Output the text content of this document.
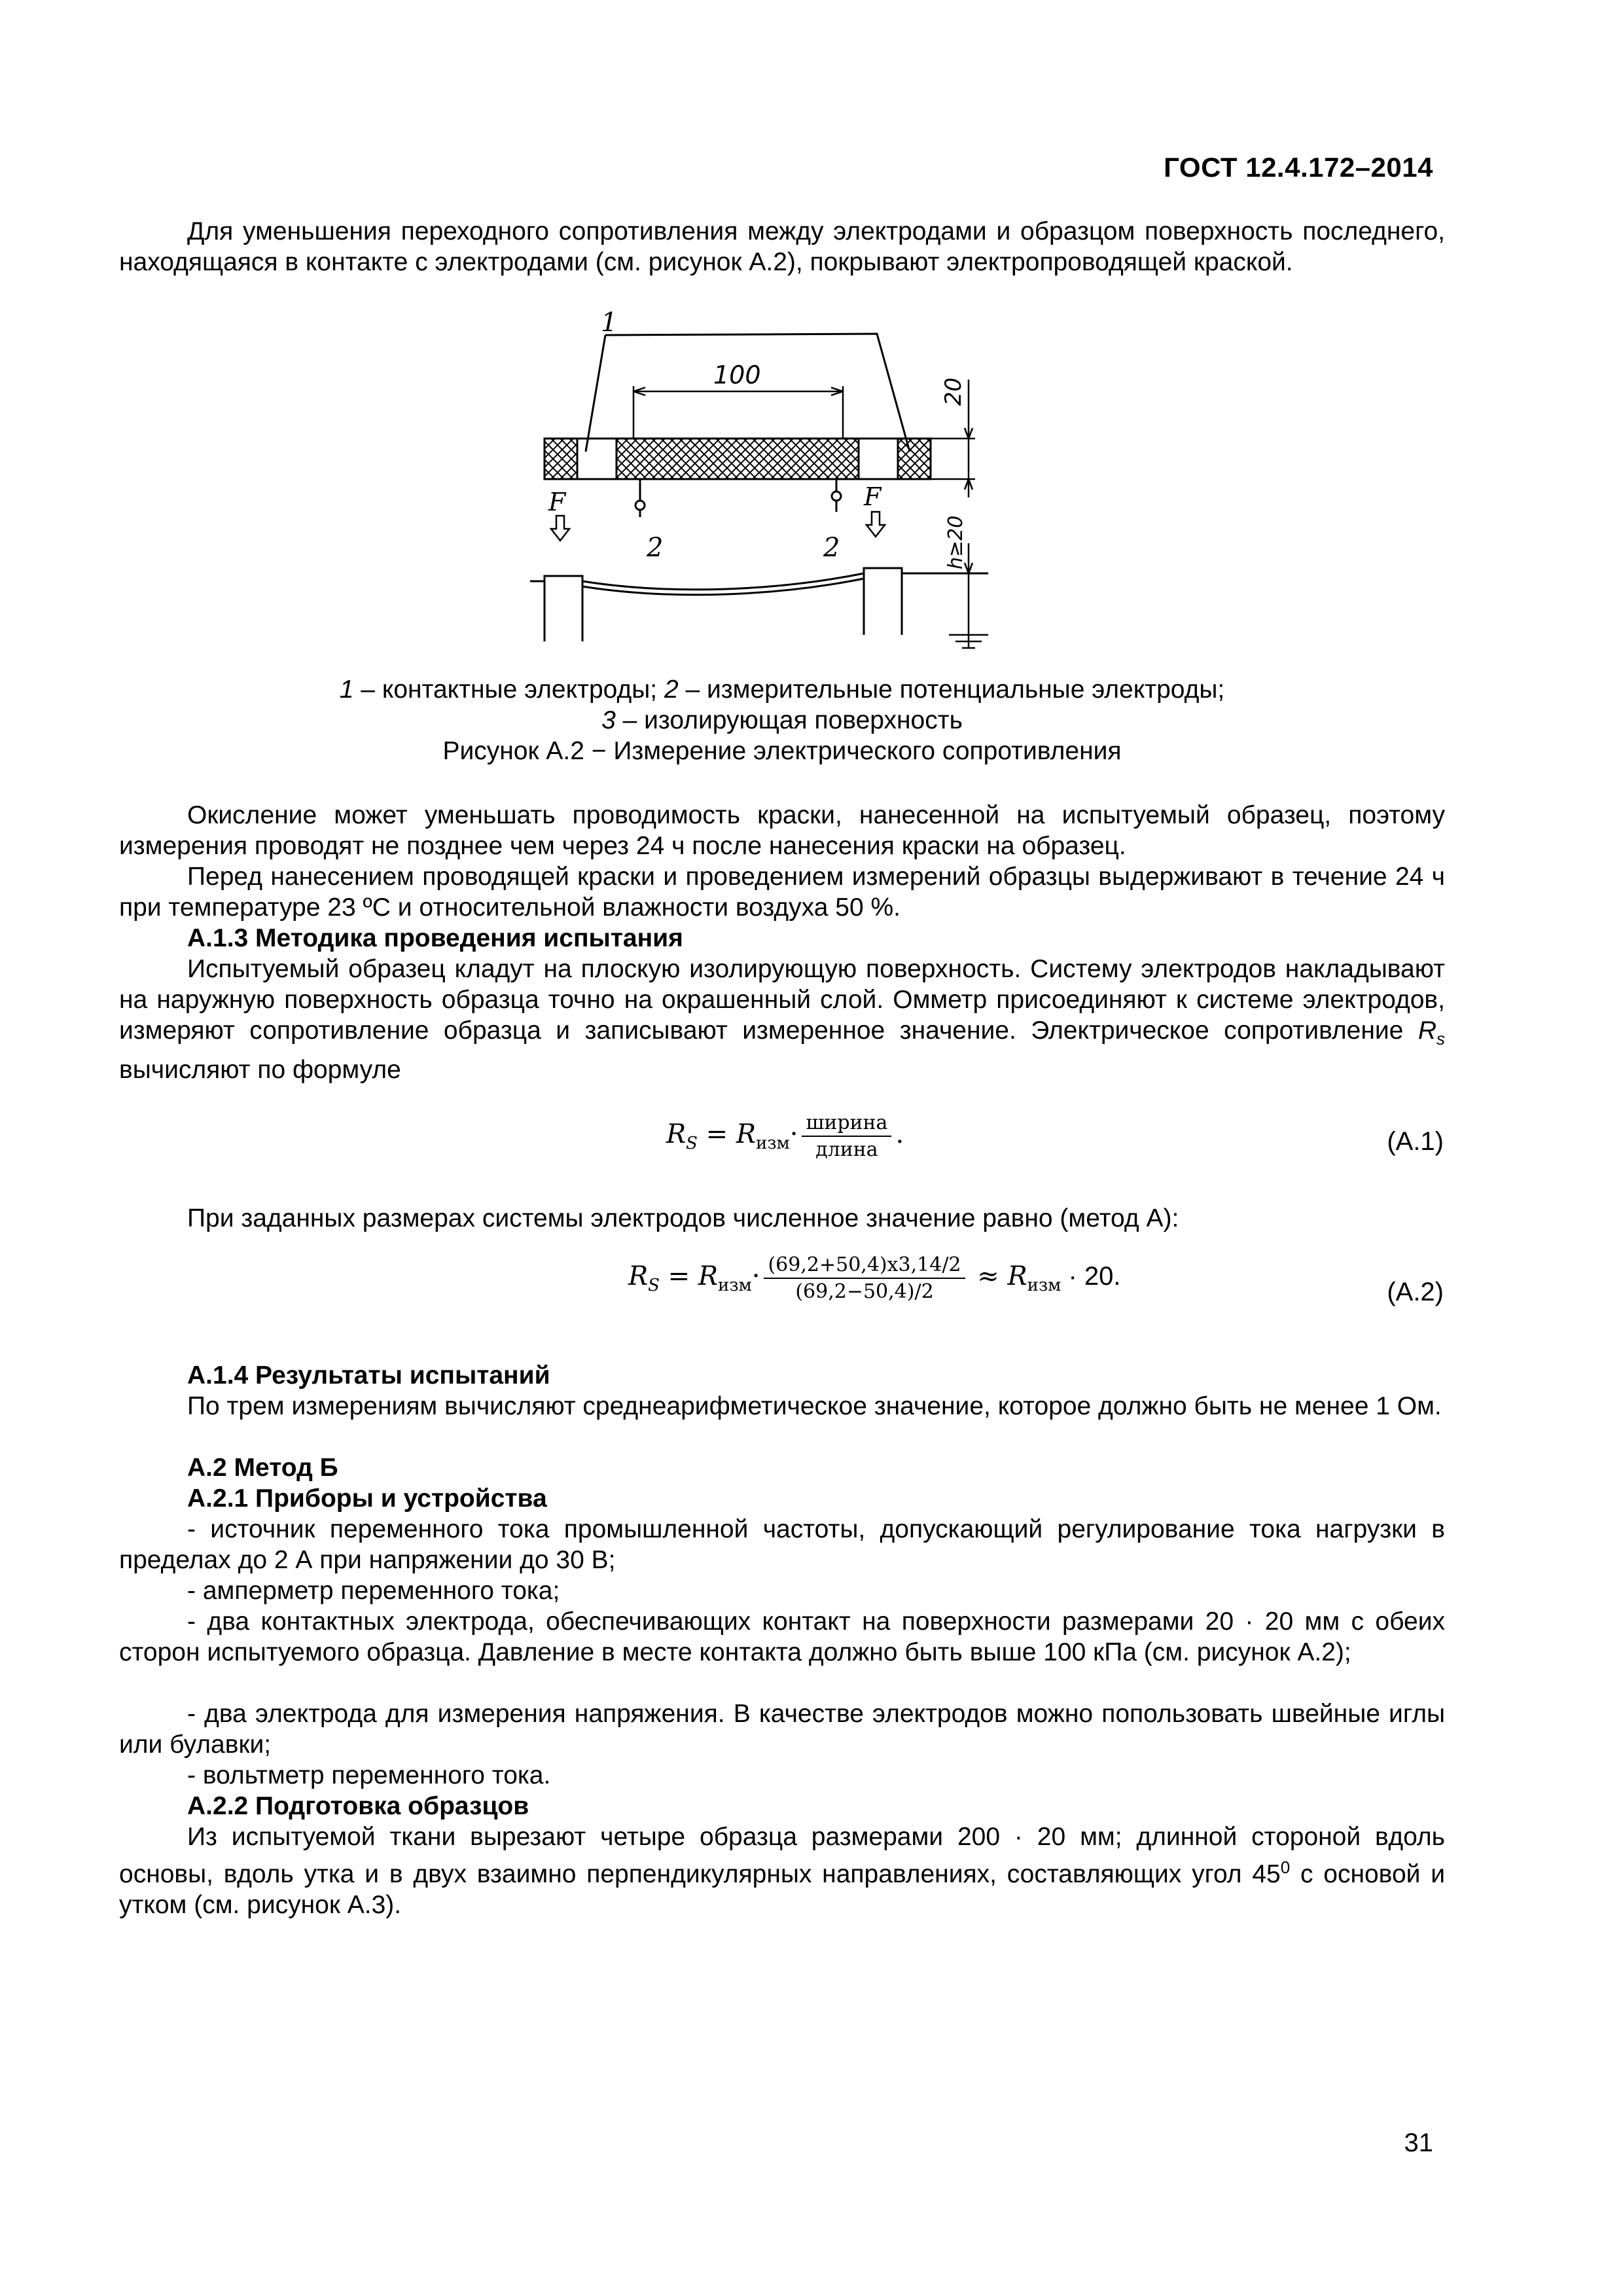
ГОСТ 12.4.172–2014
Для уменьшения переходного сопротивления между электродами и образцом поверхность последнего, находящаяся в контакте с электродами (см. рисунок А.2), покрывают электропроводящей краской.
1
100
20
2	2
F	F
h≥20
1 – контактные электроды; 2 – измерительные потенциальные электроды;
3 – изолирующая поверхность
Рисунок А.2 − Измерение электрического сопротивления
Окисление может уменьшать проводимость краски, нанесенной на испытуемый образец, поэтому измерения проводят не позднее чем через 24 ч после нанесения краски на образец.
Перед нанесением проводящей краски и проведением измерений образцы выдерживают в течение 24 ч при температуре 23 ºС и относительной влажности воздуха 50 %.
А.1.3 Методика проведения испытания
Испытуемый образец кладут на плоскую изолирующую поверхность. Систему электродов накладывают на наружную поверхность образца точно на окрашенный слой. Омметр присоединяют к системе электродов, измеряют сопротивление образца и записывают измеренное значение. Электрическое сопротивление $R_s$ вычисляют по формуле
$R_S = R_{изм}\cdot \frac{\text{ширина}}{\text{длина}}$ .	(А.1)
При заданных размерах системы электродов численное значение равно (метод А):
$R_S = R_{изм}\cdot \frac{(69,2+50,4)x3,14/2}{(69,2-50,4)/2} \approx R_{изм} \cdot 20$.
(А.2)
А.1.4 Результаты испытаний
По трем измерениям вычисляют среднеарифметическое значение, которое должно быть не менее 1 Ом.
А.2 Метод Б
А.2.1 Приборы и устройства
- источник переменного тока промышленной частоты, допускающий регулирование тока нагрузки в пределах до 2 А при напряжении до 30 В;
- амперметр переменного тока;
- два контактных электрода, обеспечивающих контакт на поверхности размерами 20 · 20 мм с обеих сторон испытуемого образца. Давление в месте контакта должно быть выше 100 кПа (см. рисунок А.2);
- два электрода для измерения напряжения. В качестве электродов можно попользовать швейные иглы или булавки;
- вольтметр переменного тока.
А.2.2 Подготовка образцов
Из испытуемой ткани вырезают четыре образца размерами 200 · 20 мм; длинной стороной вдоль основы, вдоль утка и в двух взаимно перпендикулярных направлениях, составляющих угол $45^0$ с основой и утком (см. рисунок А.3).
31
